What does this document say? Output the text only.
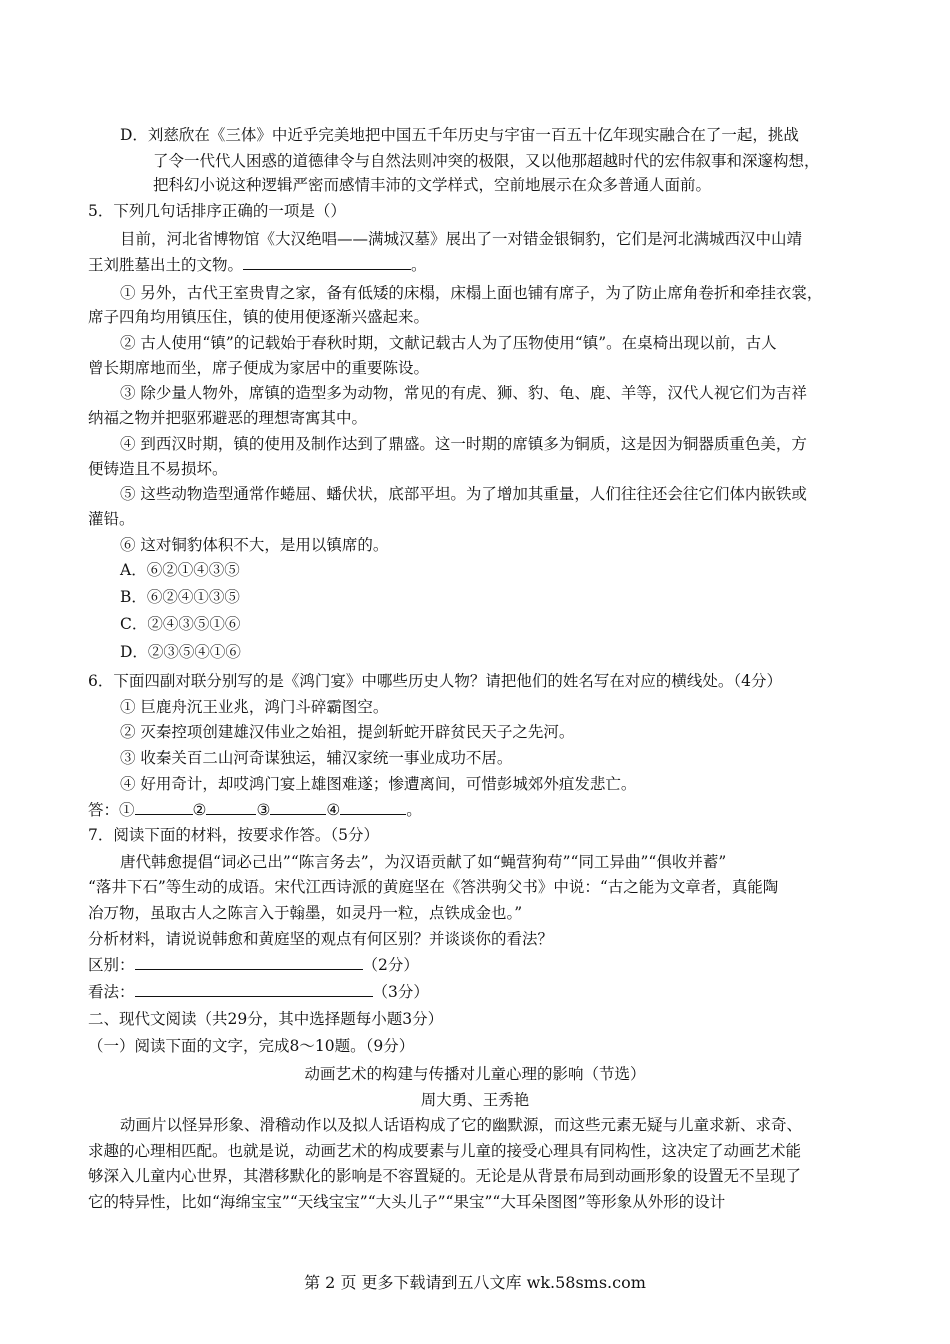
D．刘慈欣在《三体》中近乎完美地把中国五千年历史与宇宙一百五十亿年现实融合在了一起，挑战
了令一代代人困惑的道德律令与自然法则冲突的极限，又以他那超越时代的宏伟叙事和深邃构想，
把科幻小说这种逻辑严密而感情丰沛的文学样式，空前地展示在众多普通人面前。
5．下列几句话排序正确的一项是（）
目前，河北省博物馆《大汉绝唱——满城汉墓》展出了一对错金银铜豹，它们是河北满城西汉中山靖
王刘胜墓出土的文物。	。
① 另外，古代王室贵胄之家，备有低矮的床榻，床榻上面也铺有席子，为了防止席角卷折和牵挂衣裳，
席子四角均用镇压住，镇的使用便逐渐兴盛起来。
② 古人使用“镇”的记载始于春秋时期，文献记载古人为了压物使用“镇”。在桌椅出现以前，古人
曾长期席地而坐，席子便成为家居中的重要陈设。
③ 除少量人物外，席镇的造型多为动物，常见的有虎、狮、豹、龟、鹿、羊等，汉代人视它们为吉祥
纳福之物并把驱邪避恶的理想寄寓其中。
④ 到西汉时期，镇的使用及制作达到了鼎盛。这一时期的席镇多为铜质，这是因为铜器质重色美，方
便铸造且不易损坏。
⑤ 这些动物造型通常作蜷屈、蟠伏状，底部平坦。为了增加其重量，人们往往还会往它们体内嵌铁或
灌铅。
⑥ 这对铜豹体积不大，是用以镇席的。
A．⑥②①④③⑤
B．⑥②④①③⑤
C．②④③⑤①⑥
D．②③⑤④①⑥
6．下面四副对联分别写的是《鸿门宴》中哪些历史人物？请把他们的姓名写在对应的横线处。（4分）
① 巨鹿舟沉王业兆，鸿门斗碎霸图空。
② 灭秦控项创建雄汉伟业之始祖，提剑斩蛇开辟贫民天子之先河。
③ 收秦关百二山河奇谋独运，辅汉家统一事业成功不居。
④ 好用奇计，却哎鸿门宴上雄图难遂；惨遭离间，可惜彭城郊外疽发悲亡。
答：①	②	③	④	。
7．阅读下面的材料，按要求作答。（5分）
唐代韩愈提倡“词必己出”“陈言务去”，为汉语贡献了如“蝇营狗苟”“同工异曲”“俱收并蓄”
“落井下石”等生动的成语。宋代江西诗派的黄庭坚在《答洪驹父书》中说：“古之能为文章者，真能陶
冶万物，虽取古人之陈言入于翰墨，如灵丹一粒，点铁成金也。”
分析材料，请说说韩愈和黄庭坚的观点有何区别？并谈谈你的看法？
区别：	（2分）
看法：	（3分）
二、现代文阅读（共29分，其中选择题每小题3分）
（一）阅读下面的文字，完成8～10题。（9分）
动画艺术的构建与传播对儿童心理的影响（节选）
周大勇、王秀艳
动画片以怪异形象、滑稽动作以及拟人话语构成了它的幽默源，而这些元素无疑与儿童求新、求奇、
求趣的心理相匹配。也就是说，动画艺术的构成要素与儿童的接受心理具有同构性，这决定了动画艺术能
够深入儿童内心世界，其潜移默化的影响是不容置疑的。无论是从背景布局到动画形象的设置无不呈现了
它的特异性，比如“海绵宝宝”“天线宝宝”“大头儿子”“果宝”“大耳朵图图”等形象从外形的设计
第 2 页 更多下载请到五八文库 wk.58sms.com
